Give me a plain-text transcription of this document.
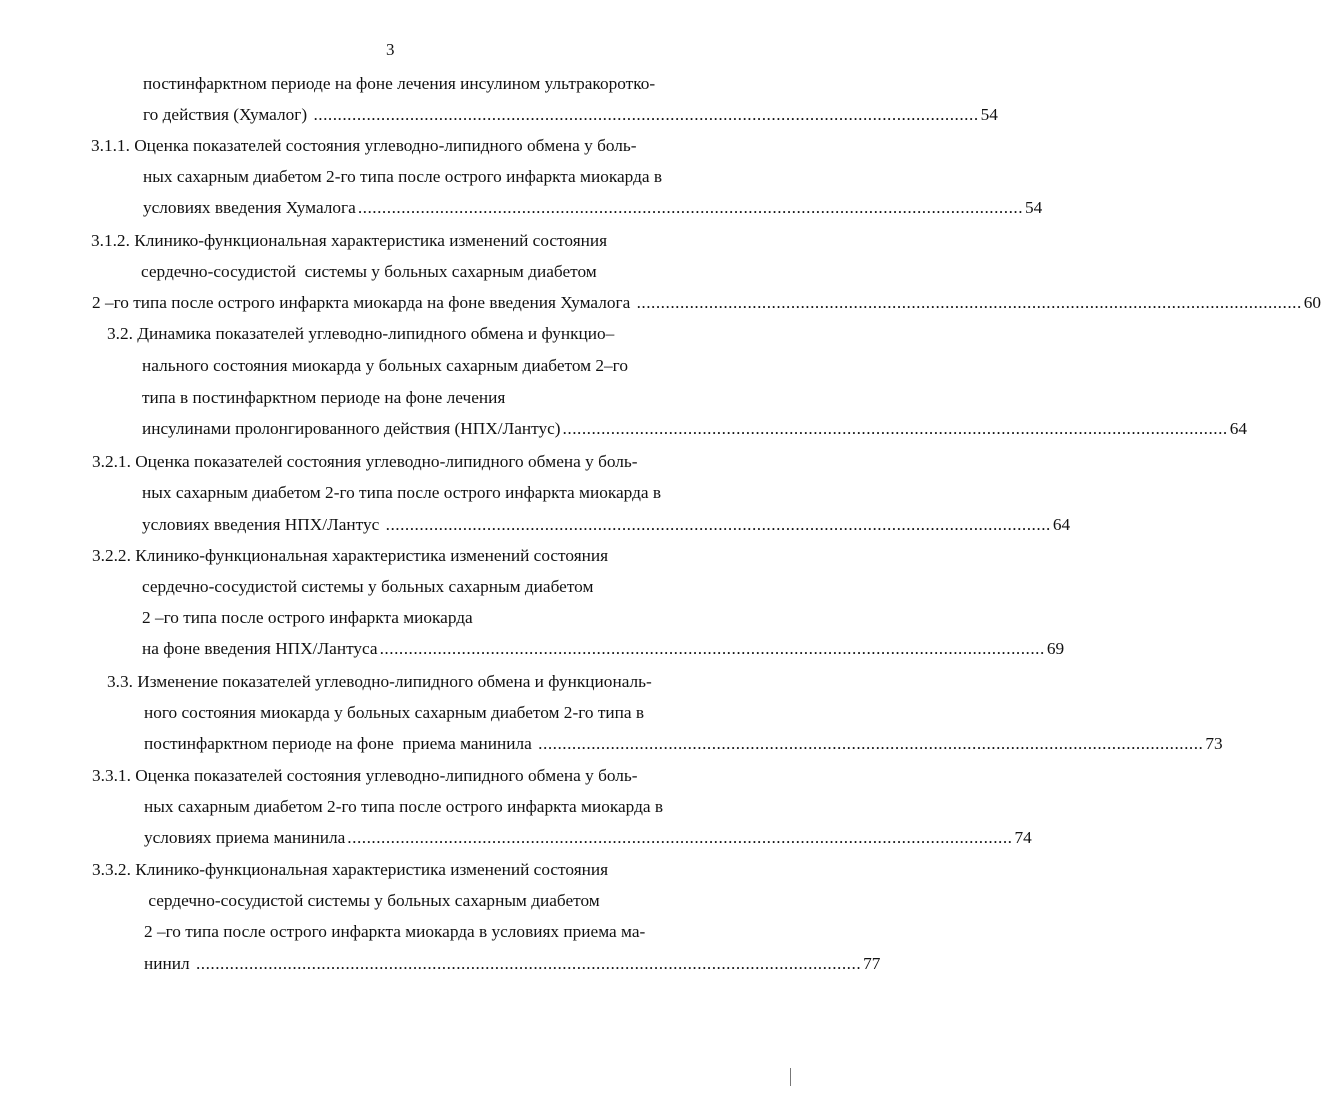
3
постинфарктном периоде на фоне лечения инсулином ультракоротко-
го действия (Хумалог) .......................................................................................................................................... 54
3.1.1. Оценка показателей состояния углеводно-липидного обмена у боль-
ных сахарным диабетом 2-го типа после острого инфаркта миокарда в
условиях введения Хумалога .......................................................................................................................................... 54
3.1.2. Клинико-функциональная характеристика изменений состояния
сердечно-сосудистой  системы у больных сахарным диабетом
2 –го типа после острого инфаркта миокарда на фоне введения Хумалога .......................................................................................................................................... 60
3.2. Динамика показателей углеводно-липидного обмена и функцио–
нального состояния миокарда у больных сахарным диабетом 2–го
типа в постинфарктном периоде на фоне лечения
инсулинами пролонгированного действия (НПХ/Лантус) .......................................................................................................................................... 64
3.2.1. Оценка показателей состояния углеводно-липидного обмена у боль-
ных сахарным диабетом 2-го типа после острого инфаркта миокарда в
условиях введения НПХ/Лантус .......................................................................................................................................... 64
3.2.2. Клинико-функциональная характеристика изменений состояния
сердечно-сосудистой системы у больных сахарным диабетом
2 –го типа после острого инфаркта миокарда
на фоне введения НПХ/Лантуса .......................................................................................................................................... 69
3.3. Изменение показателей углеводно-липидного обмена и функциональ-
ного состояния миокарда у больных сахарным диабетом 2-го типа в
постинфарктном периоде на фоне  приема манинила .......................................................................................................................................... 73
3.3.1. Оценка показателей состояния углеводно-липидного обмена у боль-
ных сахарным диабетом 2-го типа после острого инфаркта миокарда в
условиях приема манинила .......................................................................................................................................... 74
3.3.2. Клинико-функциональная характеристика изменений состояния
сердечно-сосудистой системы у больных сахарным диабетом
2 –го типа после острого инфаркта миокарда в условиях приема ма-
нинил .......................................................................................................................................... 77
